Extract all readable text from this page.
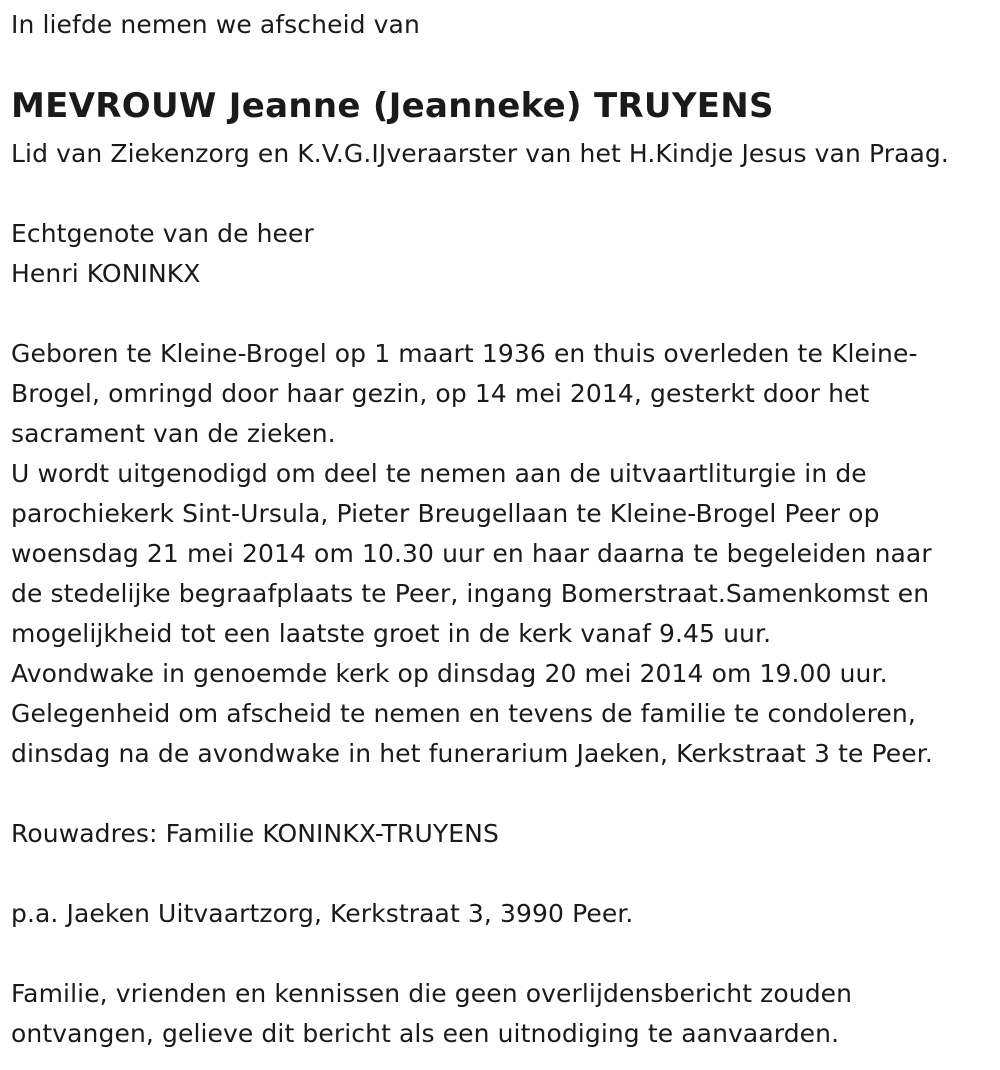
In liefde nemen we afscheid van
MEVROUW Jeanne (Jeanneke) TRUYENS
Lid van Ziekenzorg en K.V.G.IJveraarster van het H.Kindje Jesus van Praag.
Echtgenote van de heer
Henri KONINKX
Geboren te Kleine-Brogel op 1 maart 1936 en thuis overleden te Kleine-
Brogel, omringd door haar gezin, op 14 mei 2014, gesterkt door het
sacrament van de zieken.
U wordt uitgenodigd om deel te nemen aan de uitvaartliturgie in de
parochiekerk Sint-Ursula, Pieter Breugellaan te Kleine-Brogel Peer op
woensdag 21 mei 2014 om 10.30 uur en haar daarna te begeleiden naar
de stedelijke begraafplaats te Peer, ingang Bomerstraat.Samenkomst en
mogelijkheid tot een laatste groet in de kerk vanaf 9.45 uur.
Avondwake in genoemde kerk op dinsdag 20 mei 2014 om 19.00 uur.
Gelegenheid om afscheid te nemen en tevens de familie te condoleren,
dinsdag na de avondwake in het funerarium Jaeken, Kerkstraat 3 te Peer.
Rouwadres: Familie KONINKX-TRUYENS
p.a. Jaeken Uitvaartzorg, Kerkstraat 3, 3990 Peer.
Familie, vrienden en kennissen die geen overlijdensbericht zouden
ontvangen, gelieve dit bericht als een uitnodiging te aanvaarden.
